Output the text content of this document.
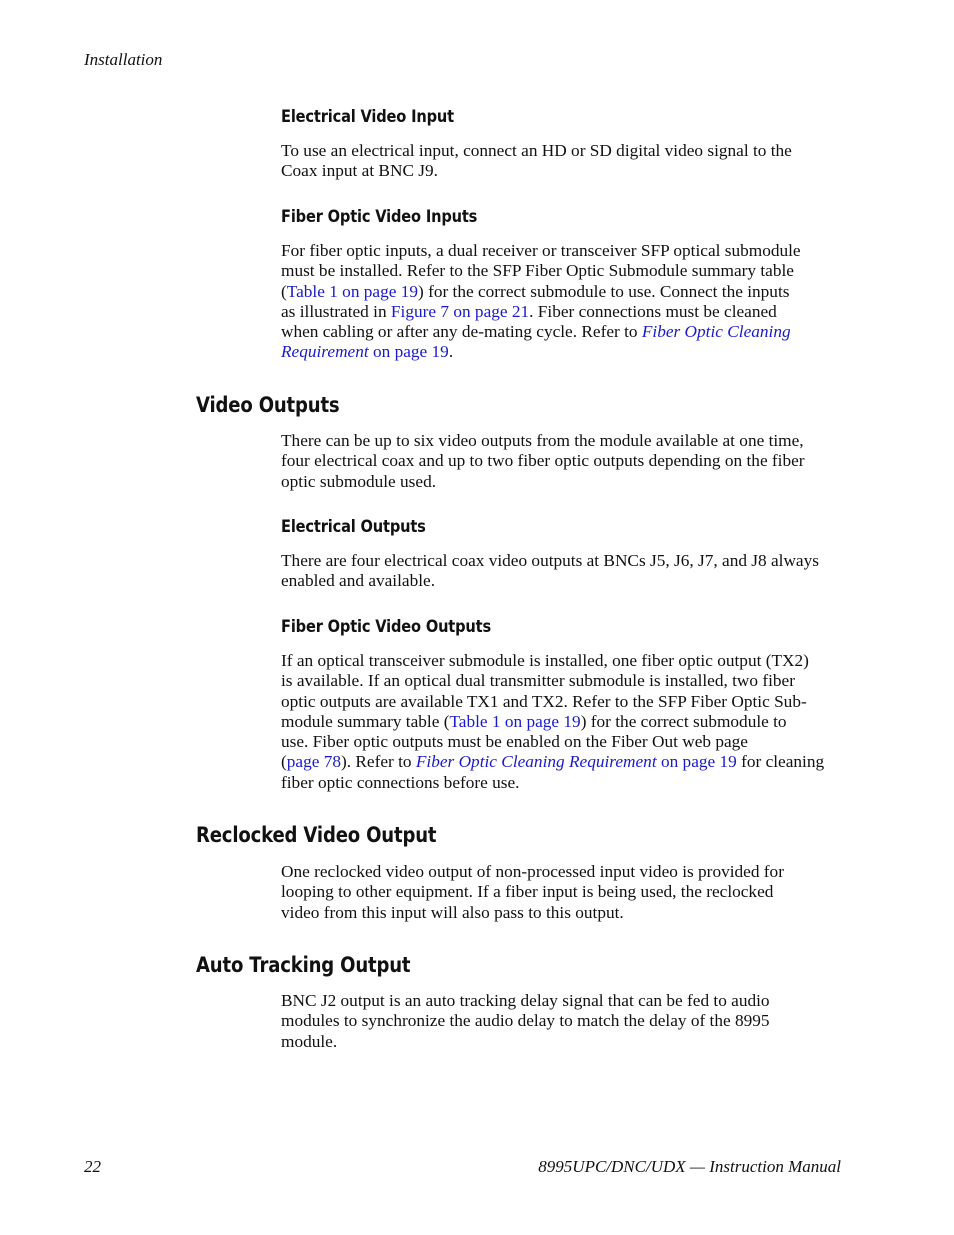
Installation
Electrical Video Input

To use an electrical input, connect an HD or SD digital video signal to the
Coax input at BNC J9.

Fiber Optic Video Inputs

For fiber optic inputs, a dual receiver or transceiver SFP optical submodule
must be installed. Refer to the SFP Fiber Optic Submodule summary table
(Table 1 on page 19) for the correct submodule to use. Connect the inputs
as illustrated in Figure 7 on page 21. Fiber connections must be cleaned
when cabling or after any de-mating cycle. Refer to Fiber Optic Cleaning
Requirement on page 19.

Video Outputs

There can be up to six video outputs from the module available at one time,
four electrical coax and up to two fiber optic outputs depending on the fiber
optic submodule used.

Electrical Outputs

There are four electrical coax video outputs at BNCs J5, J6, J7, and J8 always
enabled and available.

Fiber Optic Video Outputs

If an optical transceiver submodule is installed, one fiber optic output (TX2)
is available. If an optical dual transmitter submodule is installed, two fiber
optic outputs are available TX1 and TX2. Refer to the SFP Fiber Optic Sub-
module summary table (Table 1 on page 19) for the correct submodule to
use. Fiber optic outputs must be enabled on the Fiber Out web page
(page 78). Refer to Fiber Optic Cleaning Requirement on page 19 for cleaning
fiber optic connections before use.

Reclocked Video Output

One reclocked video output of non-processed input video is provided for
looping to other equipment. If a fiber input is being used, the reclocked
video from this input will also pass to this output.

Auto Tracking Output

BNC J2 output is an auto tracking delay signal that can be fed to audio
modules to synchronize the audio delay to match the delay of the 8995
module.

22	8995UPC/DNC/UDX — Instruction Manual
